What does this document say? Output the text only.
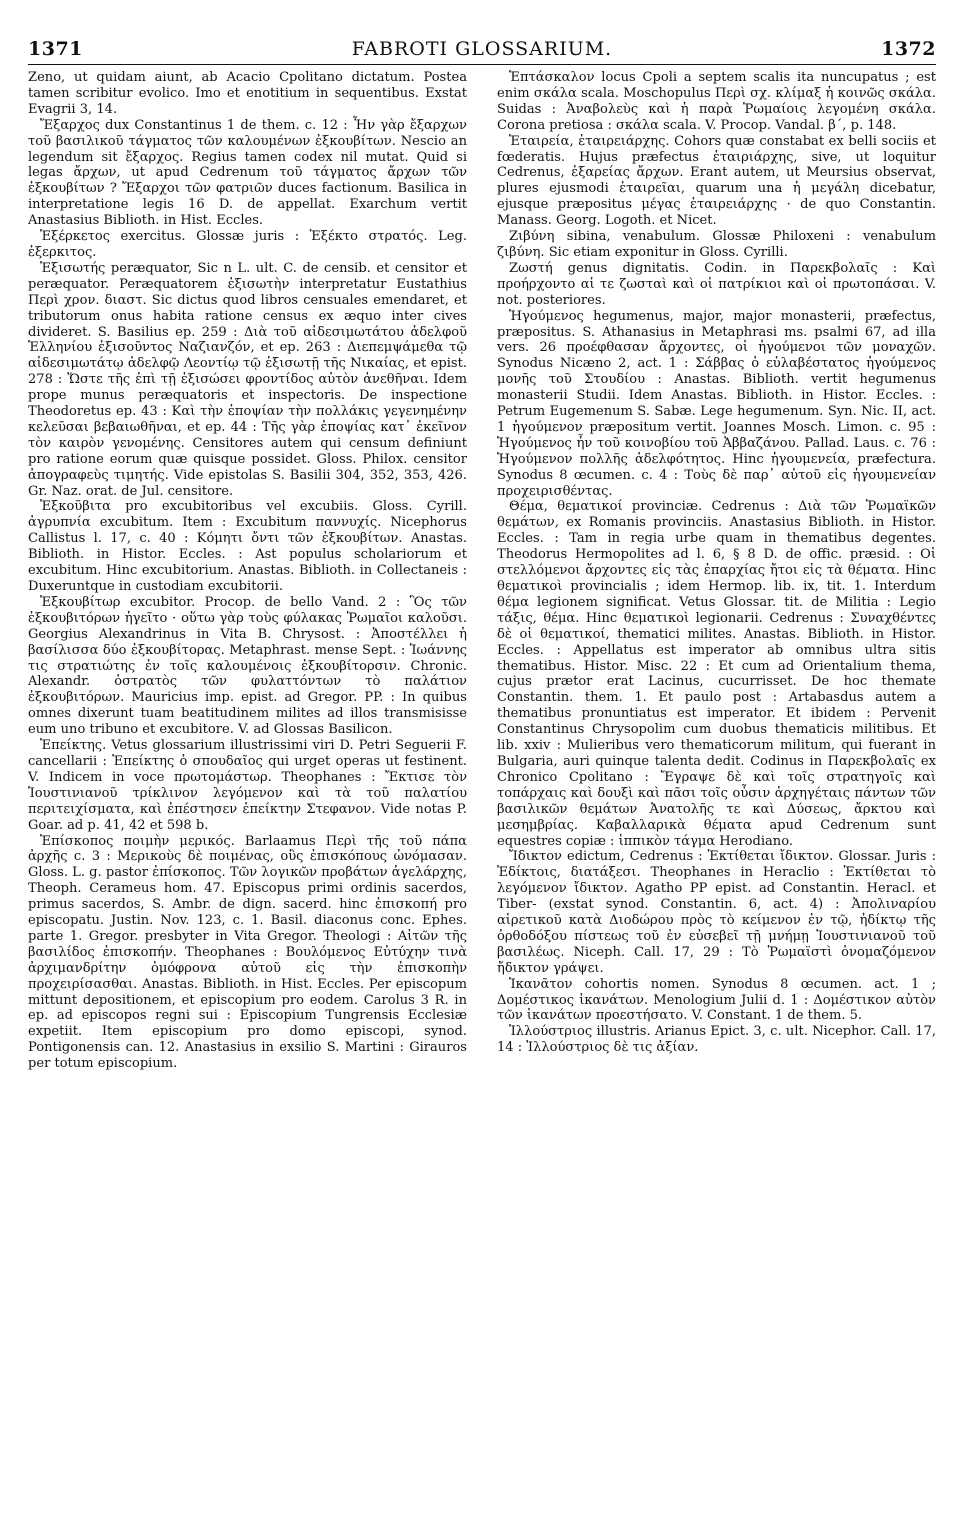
1371	FABROTI GLOSSARIUM.	1372

Zeno, ut quidam aiunt, ab Acacio Cpolitano dictatum. Postea tamen scribitur evolico. Imo et enotitium in sequentibus. Exstat Evagrii 3, 14.

Ἔξαρχος dux Constantinus 1 de them. c. 12 : Ἦν γὰρ ἔξαρχων τοῦ βασιλικοῦ τάγματος τῶν καλουμένων ἐξκουβίτων. Nescio an legendum sit ἔξαρχος. Regius tamen codex nil mutat. Quid si legas ἄρχων, ut apud Cedrenum τοῦ τάγματος ἄρχων τῶν ἐξκουβίτων ? Ἔξαρχοι τῶν φατριῶν duces factionum. Basilica in interpretatione legis 16 D. de appellat. Exarchum vertit Anastasius Biblioth. in Hist. Eccles.

Ἐξέρκετος exercitus. Glossæ juris : Ἐξέκτο στρατός. Leg. ἐξερκιτος.

Ἐξισωτής peræquator, Sic n L. ult. C. de censib. et censitor et peræquator. Peræquatorem ἐξισωτὴν interpretatur Eustathius Περὶ χρον. διαστ. Sic dictus quod libros censuales emendaret, et tributorum onus habita ratione census ex æquo inter cives divideret. S. Basilius ep. 259 : Διὰ τοῦ αἰδεσιμωτάτου ἀδελφοῦ Ἑλληνίου ἐξισοῦντος Ναζιανζόν, et ep. 263 : Διεπεμψάμεθα τῷ αἰδεσιμωτάτῳ ἀδελφῷ Λεοντίῳ τῷ ἐξισωτῇ τῆς Νικαίας, et epist. 278 : Ὥστε τῆς ἐπὶ τῇ ἐξισώσει φροντίδος αὐτὸν ἀνεθῆναι. Idem prope munus peræquatoris et inspectoris. De inspectione Theodoretus ep. 43 : Καὶ τὴν ἐποψίαν τὴν πολλάκις γεγενημένην κελεῦσαι βεβαιωθῆναι, et ep. 44 : Τῆς γὰρ ἐποψίας κατ᾽ ἐκεῖνον τὸν καιρὸν γενομένης. Censitores autem qui censum definiunt pro ratione eorum quæ quisque possidet. Gloss. Philox. censitor ἀπογραφεὺς τιμητής. Vide epistolas S. Basilii 304, 352, 353, 426. Gr. Naz. orat. de Jul. censitore.

Ἐξκοῦβιτα pro excubitoribus vel excubiis. Gloss. Cyrill. ἀγρυπνία excubitum. Item : Excubitum παννυχίς. Nicephorus Callistus l. 17, c. 40 : Κόμητι ὄντι τῶν ἐξκουβίτων. Anastas. Biblioth. in Histor. Eccles. : Ast populus scholariorum et excubitum. Hinc excubitorium. Anastas. Biblioth. in Collectaneis : Duxeruntque in custodiam excubitorii.

Ἐξκουβίτωρ excubitor. Procop. de bello Vand. 2 : Ὃς τῶν ἐξκουβιτόρων ἡγεῖτο · οὕτω γὰρ τοὺς φύλακας Ῥωμαῖοι καλοῦσι. Georgius Alexandrinus in Vita B. Chrysost. : Ἀποστέλλει ἡ βασίλισσα δύο ἐξκουβίτορας. Metaphrast. mense Sept. : Ἰωάννης τις στρατιώτης ἐν τοῖς καλουμένοις ἐξκουβίτορσιν. Chronic. Alexandr. ὀστρατὸς τῶν φυλαττόντων τὸ παλάτιον ἐξκουβιτόρων. Mauricius imp. epist. ad Gregor. PP. : In quibus omnes dixerunt tuam beatitudinem milites ad illos transmisisse eum uno tribuno et excubitore. V. ad Glossas Basilicon.

Ἐπείκτης. Vetus glossarium illustrissimi viri D. Petri Seguerii F. cancellarii : Ἐπείκτης ὁ σπουδαῖος qui urget operas ut festinent. V. Indicem in voce πρωτομάστωρ. Theophanes : Ἔκτισε τὸν Ἰουστινιανοῦ τρίκλινον λεγόμενον καὶ τὰ τοῦ παλατίου περιτειχίσματα, καὶ ἐπέστησεν ἐπείκτην Στεφανον. Vide notas P. Goar. ad p. 41, 42 et 598 b.

Ἐπίσκοπος ποιμὴν μερικός. Barlaamus Περὶ τῆς τοῦ πάπα ἀρχῆς c. 3 : Μερικοὺς δὲ ποιμένας, οὓς ἐπισκόπους ὠνόμασαν. Gloss. L. g. pastor ἐπίσκοπος. Τῶν λογικῶν προβάτων ἀγελάρχης, Theoph. Cerameus hom. 47. Episcopus primi ordinis sacerdos, primus sacerdos, S. Ambr. de dign. sacerd. hinc ἐπισκοπή pro episcopatu. Justin. Nov. 123, c. 1. Basil. diaconus conc. Ephes. parte 1. Gregor. presbyter in Vita Gregor. Theologi : Αἰτῶν τῆς βασιλίδος ἐπισκοπήν. Theophanes : Βουλόμενος Εὐτύχην τινὰ ἀρχιμανδρίτην ὁμόφρονα αὐτοῦ εἰς τὴν ἐπισκοπὴν προχειρίσασθαι. Anastas. Biblioth. in Hist. Eccles. Per episcopum mittunt depositionem, et episcopium pro eodem. Carolus 3 R. in ep. ad episcopos regni sui : Episcopium Tungrensis Ecclesiæ expetiit. Item episcopium pro domo episcopi, synod. Pontigonensis can. 12. Anastasius in exsilio S. Martini : Girauros per totum episcopium.

Ἑπτάσκαλον locus Cpoli a septem scalis ita nuncupatus ; est enim σκάλα scala. Moschopulus Περὶ σχ. κλίμαξ ἡ κοινῶς σκάλα. Suidas : Ἀναβολεὺς καὶ ἡ παρὰ Ῥωμαίοις λεγομένη σκάλα. Corona pretiosa : σκάλα scala. V. Procop. Vandal. β΄, p. 148.

Ἑταιρεία, ἑταιρειάρχης. Cohors quæ constabat ex belli sociis et fœderatis. Hujus præfectus ἑταιριάρχης, sive, ut loquitur Cedrenus, ἐξαρείας ἄρχων. Erant autem, ut Meursius observat, plures ejusmodi ἑταιρεῖαι, quarum una ἡ μεγάλη dicebatur, ejusque præpositus μέγας ἑταιρειάρχης · de quo Constantin. Manass. Georg. Logoth. et Nicet.

Ζιβύνη sibina, venabulum. Glossæ Philoxeni : venabulum ζιβύνη. Sic etiam exponitur in Gloss. Cyrilli.

Ζωστή genus dignitatis. Codin. in Παρεκβολαῖς : Καὶ προήρχοντο αἱ τε ζωσταὶ καὶ οἱ πατρίκιοι καὶ οἱ πρωτοπάσαι. V. not. posteriores.

Ἡγούμενος hegumenus, major, major monasterii, præfectus, præpositus. S. Athanasius in Metaphrasi ms. psalmi 67, ad illa vers. 26 προέφθασαν ἄρχοντες, οἱ ἡγούμενοι τῶν μοναχῶν. Synodus Nicæno 2, act. 1 : Σάββας ὁ εὐλαβέστατος ἡγούμενος μονῆς τοῦ Στουδίου : Anastas. Biblioth. vertit hegumenus monasterii Studii. Idem Anastas. Biblioth. in Histor. Eccles. : Petrum Eugemenum S. Sabæ. Lege hegumenum. Syn. Nic. II, act. 1 ἡγούμενον præpositum vertit. Joannes Mosch. Limon. c. 95 : Ἡγούμενος ἦν τοῦ κοινοβίου τοῦ Ἀββαζάνου. Pallad. Laus. c. 76 : Ἡγούμενον πολλῆς ἀδελφότητος. Hinc ἡγουμενεία, præfectura. Synodus 8 œcumen. c. 4 : Τοὺς δὲ παρ᾽ αὐτοῦ εἰς ἡγουμενείαν προχειρισθέντας.

Θέμα, θεματικοί provinciæ. Cedrenus : Διὰ τῶν Ῥωμαϊκῶν θεμάτων, ex Romanis provinciis. Anastasius Biblioth. in Histor. Eccles. : Tam in regia urbe quam in thematibus degentes. Theodorus Hermopolites ad l. 6, § 8 D. de offic. præsid. : Οἱ στελλόμενοι ἄρχοντες εἰς τὰς ἐπαρχίας ἤτοι εἰς τὰ θέματα. Hinc θεματικοὶ provincialis ; idem Hermop. lib. ix, tit. 1. Interdum θέμα legionem significat. Vetus Glossar. tit. de Militia : Legio τάξις, θέμα. Hinc θεματικοὶ legionarii. Cedrenus : Συναχθέντες δὲ οἱ θεματικοί, thematici milites. Anastas. Biblioth. in Histor. Eccles. : Appellatus est imperator ab omnibus ultra sitis thematibus. Histor. Misc. 22 : Et cum ad Orientalium thema, cujus prætor erat Lacinus, cucurrisset. De hoc themate Constantin. them. 1. Et paulo post : Artabasdus autem a thematibus pronuntiatus est imperator. Et ibidem : Pervenit Constantinus Chrysopolim cum duobus thematicis militibus. Et lib. xxiv : Mulieribus vero thematicorum militum, qui fuerant in Bulgaria, auri quinque talenta dedit. Codinus in Παρεκβολαῖς ex Chronico Cpolitano : Ἔγραψε δὲ καὶ τοῖς στρατηγοῖς καὶ τοπάρχαις καὶ δουξὶ καὶ πᾶσι τοῖς οὖσιν ἀρχηγέταις πάντων τῶν βασιλικῶν θεμάτων Ἀνατολῆς τε καὶ Δύσεως, ἄρκτου καὶ μεσημβρίας. Καβαλλαρικὰ θέματα apud Cedrenum sunt equestres copiæ : ἱππικὸν τάγμα Herodiano.

Ἴδικτον edictum, Cedrenus : Ἐκτίθεται ἴδικτον. Glossar. Juris : Ἐδίκτοις, διατάξεσι. Theophanes in Heraclio : Ἐκτίθεται τὸ λεγόμενον ἴδικτον. Agatho PP epist. ad Constantin. Heracl. et Tiber- (exstat synod. Constantin. 6, act. 4) : Ἀπολιναρίου αἱρετικοῦ κατὰ Διοδώρου πρὸς τὸ κείμενον ἐν τῷ, ἠδίκτῳ τῆς ὀρθοδόξου πίστεως τοῦ ἐν εὐσεβεῖ τῇ μνήμῃ Ἰουστινιανοῦ τοῦ βασιλέως. Niceph. Call. 17, 29 : Τὸ Ῥωμαϊστὶ ὀνομαζόμενον ἤδικτον γράψει.

Ἱκανᾶτον cohortis nomen. Synodus 8 œcumen. act. 1 ; Δομέστικος ἱκανάτων. Menologium Julii d. 1 : Δομέστικον αὐτὸν τῶν ἱκανάτων προεστήσατο. V. Constant. 1 de them. 5.

Ἰλλούστριος illustris. Arianus Epict. 3, c. ult. Nicephor. Call. 17, 14 : Ἰλλούστριος δὲ τις ἀξίαν.
